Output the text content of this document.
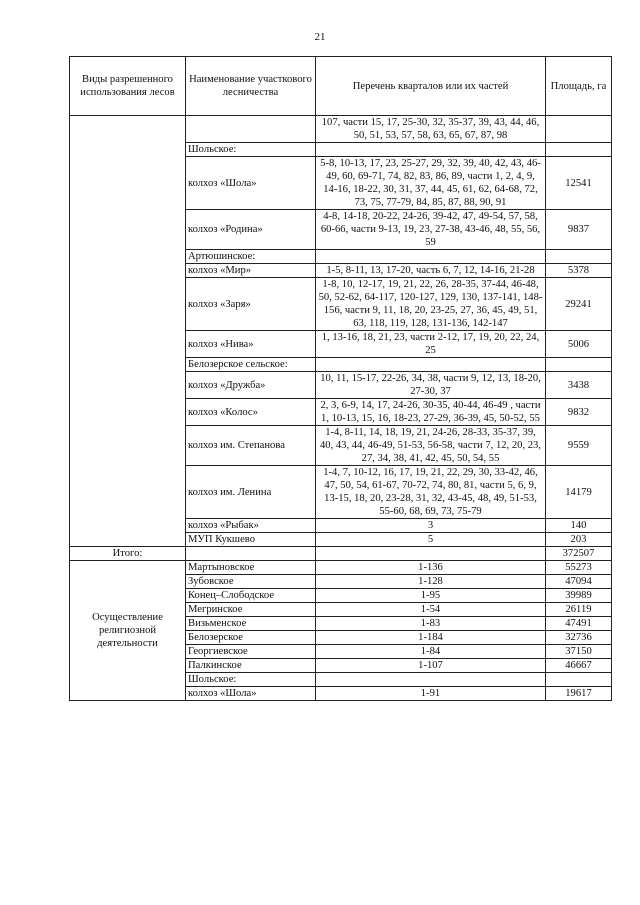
21
Виды разрешенного использования лесов	Наименование участкового лесничества	Перечень кварталов или их частей	Площадь, га
		107, части 15, 17, 25-30, 32, 35-37, 39, 43, 44, 46, 50, 51, 53, 57, 58, 63, 65, 67, 87, 98	
	Шольское:		
	колхоз «Шола»	5-8, 10-13, 17, 23, 25-27, 29, 32, 39, 40, 42, 43, 46-49, 60, 69-71, 74, 82, 83, 86, 89, части 1, 2, 4, 9, 14-16, 18-22, 30, 31, 37, 44, 45, 61, 62, 64-68, 72, 73, 75, 77-79, 84, 85, 87, 88, 90, 91	12541
	колхоз «Родина»	4-8, 14-18, 20-22, 24-26, 39-42, 47, 49-54, 57, 58, 60-66, части 9-13, 19, 23, 27-38, 43-46, 48, 55, 56, 59	9837
	Артюшинское:		
	колхоз «Мир»	1-5, 8-11, 13, 17-20, часть 6, 7, 12, 14-16, 21-28	5378
	колхоз «Заря»	1-8, 10, 12-17, 19, 21, 22, 26, 28-35, 37-44, 46-48, 50, 52-62, 64-117, 120-127, 129, 130, 137-141, 148-156, части 9, 11, 18, 20, 23-25, 27, 36, 45, 49, 51, 63, 118, 119, 128, 131-136, 142-147	29241
	колхоз «Нива»	1, 13-16, 18, 21, 23, части 2-12, 17, 19, 20, 22, 24, 25	5006
	Белозерское сельское:		
	колхоз «Дружба»	10, 11, 15-17, 22-26, 34, 38, части 9, 12, 13, 18-20, 27-30, 37	3438
	колхоз «Колос»	2, 3, 6-9, 14, 17, 24-26, 30-35, 40-44, 46-49 , части 1, 10-13, 15, 16, 18-23, 27-29, 36-39, 45, 50-52, 55	9832
	колхоз им. Степанова	1-4, 8-11, 14, 18, 19, 21, 24-26, 28-33, 35-37, 39, 40, 43, 44, 46-49, 51-53, 56-58, части 7, 12, 20, 23, 27, 34, 38, 41, 42, 45, 50, 54, 55	9559
	колхоз им. Ленина	1-4, 7, 10-12, 16, 17, 19, 21, 22, 29, 30, 33-42, 46, 47, 50, 54, 61-67, 70-72, 74, 80, 81, части 5, 6, 9, 13-15, 18, 20, 23-28, 31, 32, 43-45, 48, 49, 51-53, 55-60, 68, 69, 73, 75-79	14179
	колхоз «Рыбак»	3	140
	МУП Кукшево	5	203
Итого:			372507
Осуществление религиозной деятельности	Мартыновское	1-136	55273
	Зубовское	1-128	47094
	Конец–Слободское	1-95	39989
	Мегринское	1-54	26119
	Визьменское	1-83	47491
	Белозерское	1-184	32736
	Георгиевское	1-84	37150
	Палкинское	1-107	46667
	Шольское:		
	колхоз «Шола»	1-91	19617
